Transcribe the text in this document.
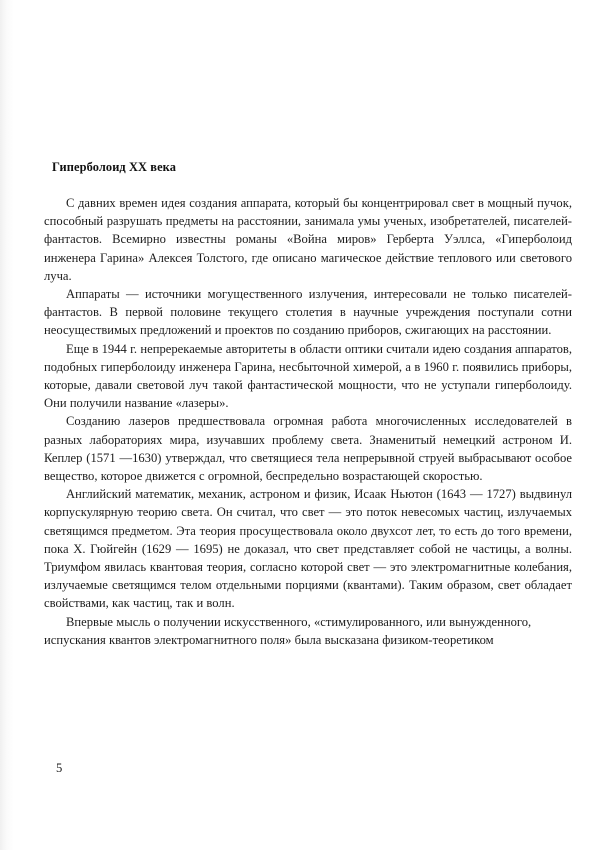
Гиперболоид XX века

С давних времен идея создания аппарата, который бы концентрировал свет в мощный пучок, способный разрушать предметы на расстоянии, занимала умы ученых, изобретателей, писателей-фантастов. Всемирно известны романы «Война миров» Герберта Уэллса, «Гиперболоид инженера Гарина» Алексея Толстого, где описано магическое действие теплового или светового луча.

Аппараты — источники могущественного излучения, интересовали не только писателей-фантастов. В первой половине текущего столетия в научные учреждения поступали сотни неосуществимых предложений и проектов по созданию приборов, сжигающих на расстоянии.

Еще в 1944 г. непререкаемые авторитеты в области оптики считали идею создания аппаратов, подобных гиперболоиду инженера Гарина, несбыточной химерой, а в 1960 г. появились приборы, которые, давали световой луч такой фантастической мощности, что не уступали гиперболоиду. Они получили название «лазеры».

Созданию лазеров предшествовала огромная работа многочисленных исследователей в разных лабораториях мира, изучавших проблему света. Знаменитый немецкий астроном И. Кеплер (1571 —1630) утверждал, что светящиеся тела непрерывной струей выбрасывают особое вещество, которое движется с огромной, беспредельно возрастающей скоростью.

Английский математик, механик, астроном и физик, Исаак Ньютон (1643 — 1727) выдвинул корпускулярную теорию света. Он считал, что свет — это поток невесомых частиц, излучаемых светящимся предметом. Эта теория просуществовала около двухсот лет, то есть до того времени, пока Х. Гюйгейн (1629 — 1695) не доказал, что свет представляет собой не частицы, а волны. Триумфом явилась квантовая теория, согласно которой свет — это электромагнитные колебания, излучаемые светящимся телом отдельными порциями (квантами). Таким образом, свет обладает свойствами, как частиц, так и волн.

Впервые мысль о получении искусственного, «стимулированного, или вынужденного, испускания квантов электромагнитного поля» была высказана физиком-теоретиком

5
